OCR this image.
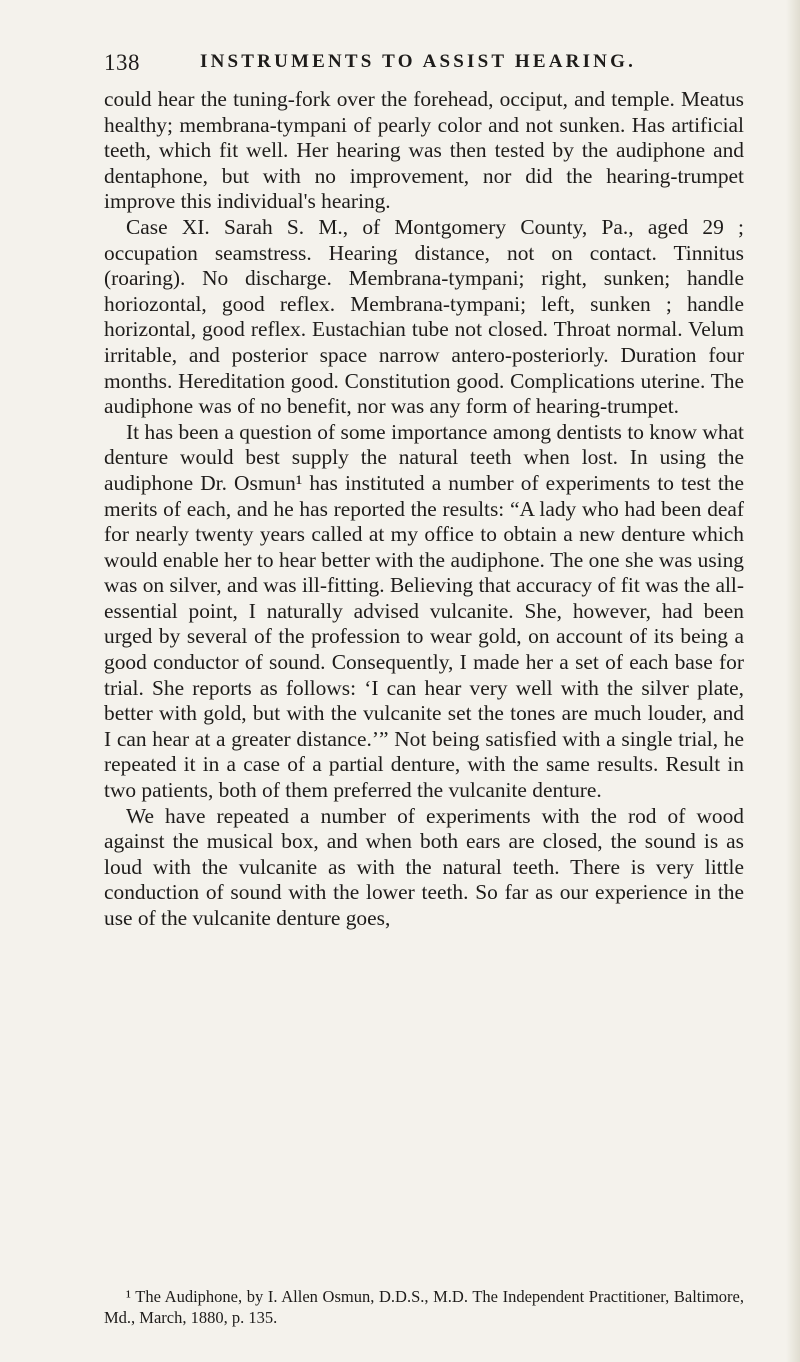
138	INSTRUMENTS TO ASSIST HEARING.

could hear the tuning-fork over the forehead, occiput, and temple. Meatus healthy; membrana-tympani of pearly color and not sunken. Has artificial teeth, which fit well. Her hearing was then tested by the audiphone and dentaphone, but with no improvement, nor did the hearing-trumpet improve this individual's hearing.

Case XI. Sarah S. M., of Montgomery County, Pa., aged 29 ; occupation seamstress. Hearing distance, not on contact. Tinnitus (roaring). No discharge. Membrana-tympani; right, sunken; handle horiozontal, good reflex. Membrana-tympani; left, sunken ; handle horizontal, good reflex. Eustachian tube not closed. Throat normal. Velum irritable, and posterior space narrow antero-posteriorly. Duration four months. Hereditation good. Constitution good. Complications uterine. The audiphone was of no benefit, nor was any form of hearing-trumpet.

It has been a question of some importance among dentists to know what denture would best supply the natural teeth when lost. In using the audiphone Dr. Osmun¹ has instituted a number of experiments to test the merits of each, and he has reported the results: “A lady who had been deaf for nearly twenty years called at my office to obtain a new denture which would enable her to hear better with the audiphone. The one she was using was on silver, and was ill-fitting. Believing that accuracy of fit was the all-essential point, I naturally advised vulcanite. She, however, had been urged by several of the profession to wear gold, on account of its being a good conductor of sound. Consequently, I made her a set of each base for trial. She reports as follows: ‘I can hear very well with the silver plate, better with gold, but with the vulcanite set the tones are much louder, and I can hear at a greater distance.’” Not being satisfied with a single trial, he repeated it in a case of a partial denture, with the same results. Result in two patients, both of them preferred the vulcanite denture.

We have repeated a number of experiments with the rod of wood against the musical box, and when both ears are closed, the sound is as loud with the vulcanite as with the natural teeth. There is very little conduction of sound with the lower teeth. So far as our experience in the use of the vulcanite denture goes,

¹ The Audiphone, by I. Allen Osmun, D.D.S., M.D. The Independent Practitioner, Baltimore, Md., March, 1880, p. 135.
